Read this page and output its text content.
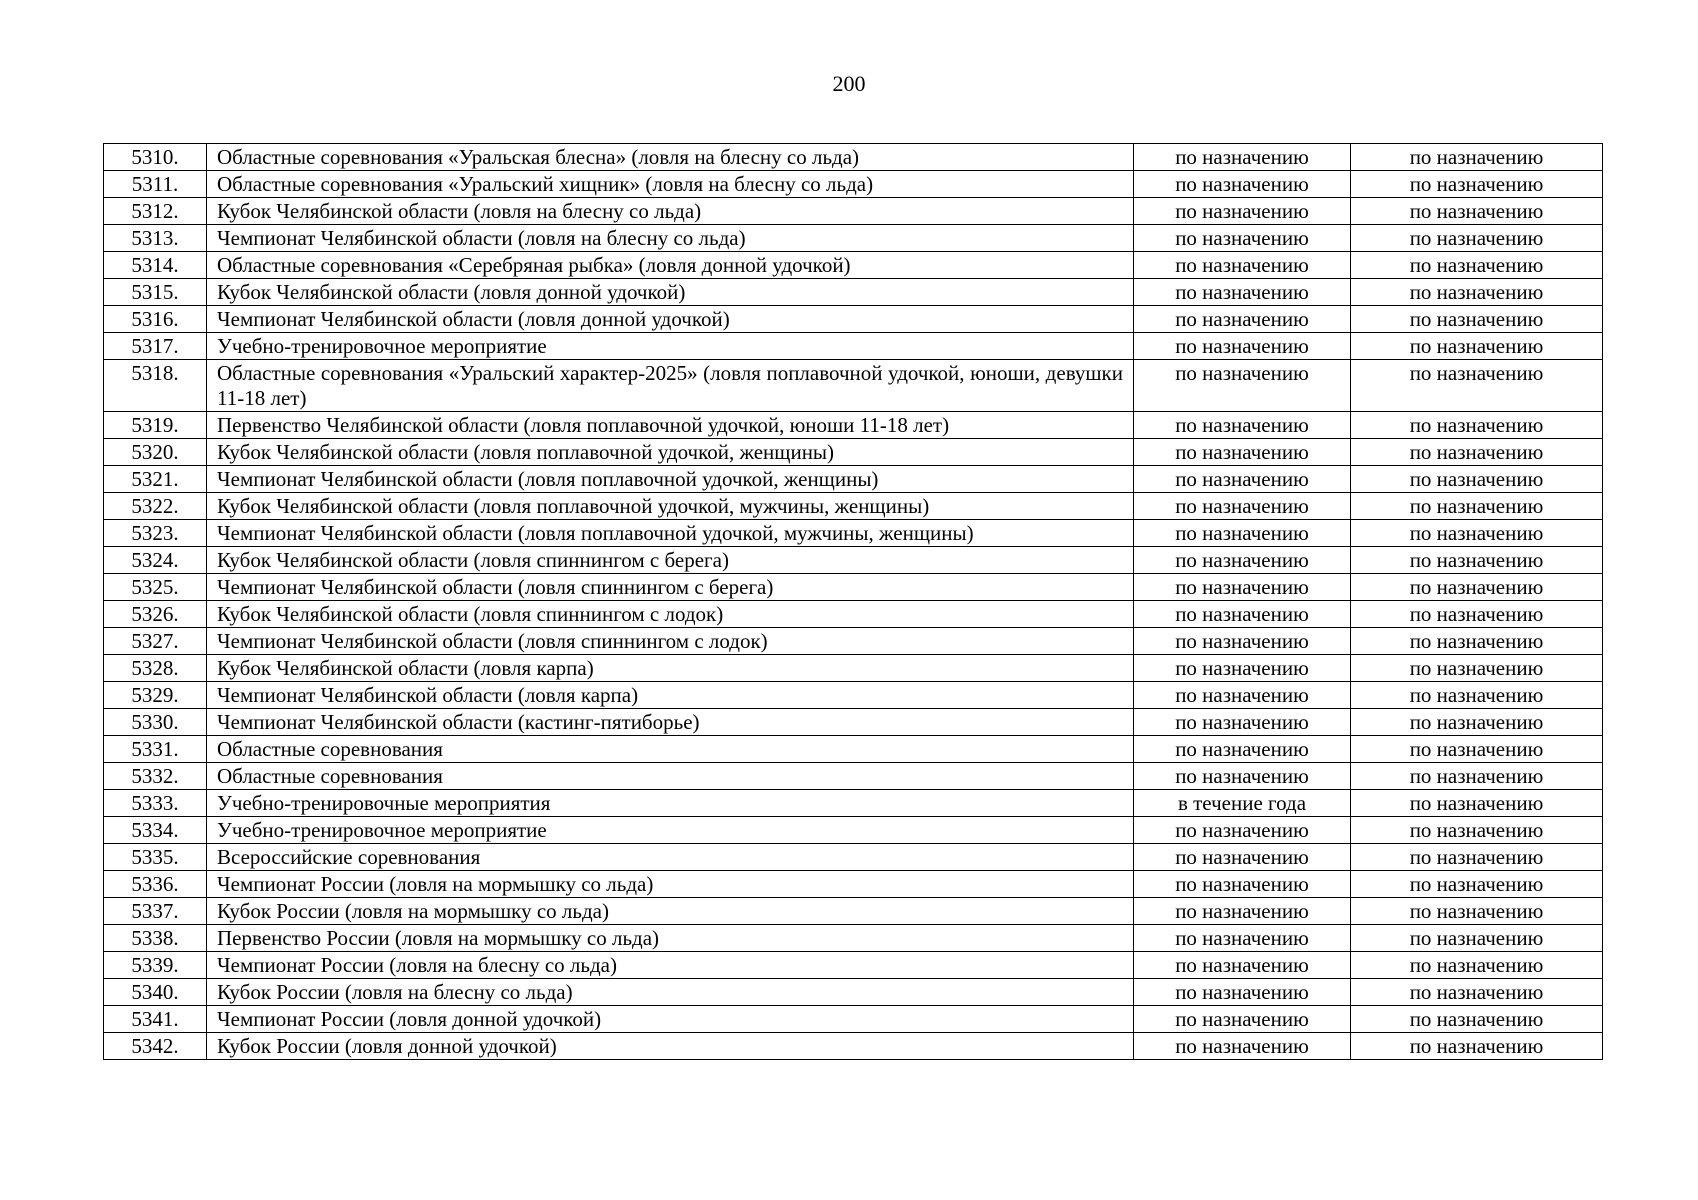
200
5310.	Областные соревнования «Уральская блесна» (ловля на блесну со льда)	по назначению	по назначению
5311.	Областные соревнования «Уральский хищник» (ловля на блесну со льда)	по назначению	по назначению
5312.	Кубок Челябинской области (ловля на блесну со льда)	по назначению	по назначению
5313.	Чемпионат Челябинской области (ловля на блесну со льда)	по назначению	по назначению
5314.	Областные соревнования «Серебряная рыбка» (ловля донной удочкой)	по назначению	по назначению
5315.	Кубок Челябинской области (ловля донной удочкой)	по назначению	по назначению
5316.	Чемпионат Челябинской области (ловля донной удочкой)	по назначению	по назначению
5317.	Учебно-тренировочное мероприятие	по назначению	по назначению
5318.	Областные соревнования «Уральский характер-2025» (ловля поплавочной удочкой, юноши, девушки 11-18 лет)	по назначению	по назначению
5319.	Первенство Челябинской области (ловля поплавочной удочкой, юноши 11-18 лет)	по назначению	по назначению
5320.	Кубок Челябинской области (ловля поплавочной удочкой, женщины)	по назначению	по назначению
5321.	Чемпионат Челябинской области (ловля поплавочной удочкой, женщины)	по назначению	по назначению
5322.	Кубок Челябинской области (ловля поплавочной удочкой, мужчины, женщины)	по назначению	по назначению
5323.	Чемпионат Челябинской области (ловля поплавочной удочкой, мужчины, женщины)	по назначению	по назначению
5324.	Кубок Челябинской области (ловля спиннингом с берега)	по назначению	по назначению
5325.	Чемпионат Челябинской области (ловля спиннингом с берега)	по назначению	по назначению
5326.	Кубок Челябинской области (ловля спиннингом с лодок)	по назначению	по назначению
5327.	Чемпионат Челябинской области (ловля спиннингом с лодок)	по назначению	по назначению
5328.	Кубок Челябинской области (ловля карпа)	по назначению	по назначению
5329.	Чемпионат Челябинской области (ловля карпа)	по назначению	по назначению
5330.	Чемпионат Челябинской области (кастинг-пятиборье)	по назначению	по назначению
5331.	Областные соревнования	по назначению	по назначению
5332.	Областные соревнования	по назначению	по назначению
5333.	Учебно-тренировочные мероприятия	в течение года	по назначению
5334.	Учебно-тренировочное мероприятие	по назначению	по назначению
5335.	Всероссийские соревнования	по назначению	по назначению
5336.	Чемпионат России (ловля на мормышку со льда)	по назначению	по назначению
5337.	Кубок России (ловля на мормышку со льда)	по назначению	по назначению
5338.	Первенство России (ловля на мормышку со льда)	по назначению	по назначению
5339.	Чемпионат России (ловля на блесну со льда)	по назначению	по назначению
5340.	Кубок России (ловля на блесну со льда)	по назначению	по назначению
5341.	Чемпионат России (ловля донной удочкой)	по назначению	по назначению
5342.	Кубок России (ловля донной удочкой)	по назначению	по назначению
